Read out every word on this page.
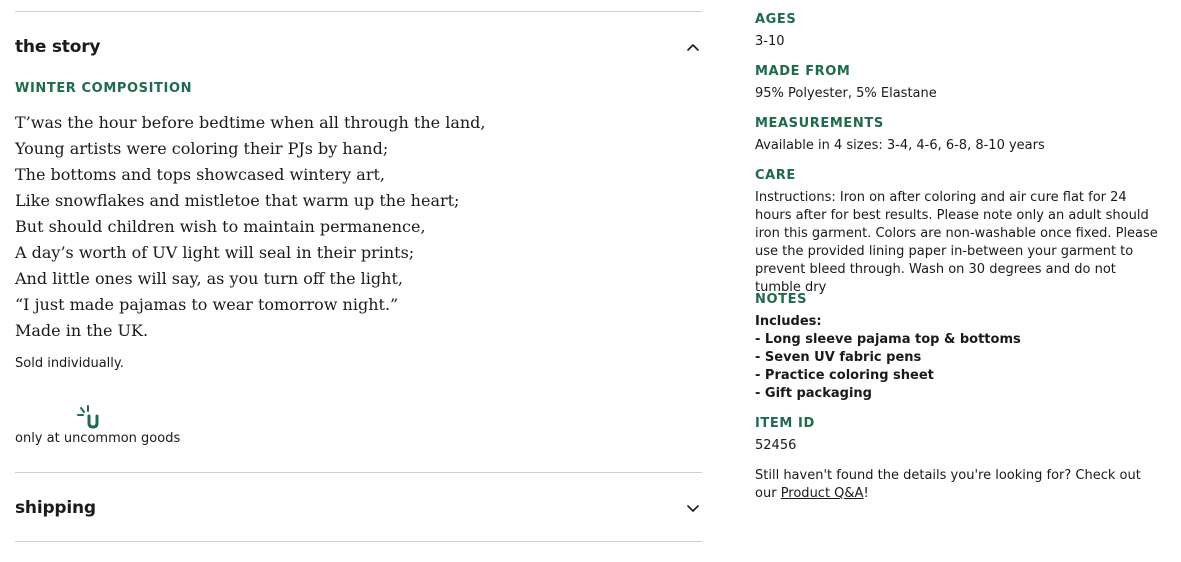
the story
WINTER COMPOSITION
T’was the hour before bedtime when all through the land,
Young artists were coloring their PJs by hand;
The bottoms and tops showcased wintery art,
Like snowflakes and mistletoe that warm up the heart;
But should children wish to maintain permanence,
A day’s worth of UV light will seal in their prints;
And little ones will say, as you turn off the light,
“I just made pajamas to wear tomorrow night.”
Made in the UK.
Sold individually.
only at uncommon goods
shipping
AGES
3-10
MADE FROM
95% Polyester, 5% Elastane
MEASUREMENTS
Available in 4 sizes: 3-4, 4-6, 6-8, 8-10 years
CARE
Instructions: Iron on after coloring and air cure flat for 24 hours after for best results. Please note only an adult should iron this garment. Colors are non-washable once fixed. Please use the provided lining paper in-between your garment to prevent bleed through. Wash on 30 degrees and do not tumble dry
NOTES
Includes:
- Long sleeve pajama top & bottoms
- Seven UV fabric pens
- Practice coloring sheet
- Gift packaging
ITEM ID
52456
Still haven't found the details you're looking for? Check out our Product Q&A!
